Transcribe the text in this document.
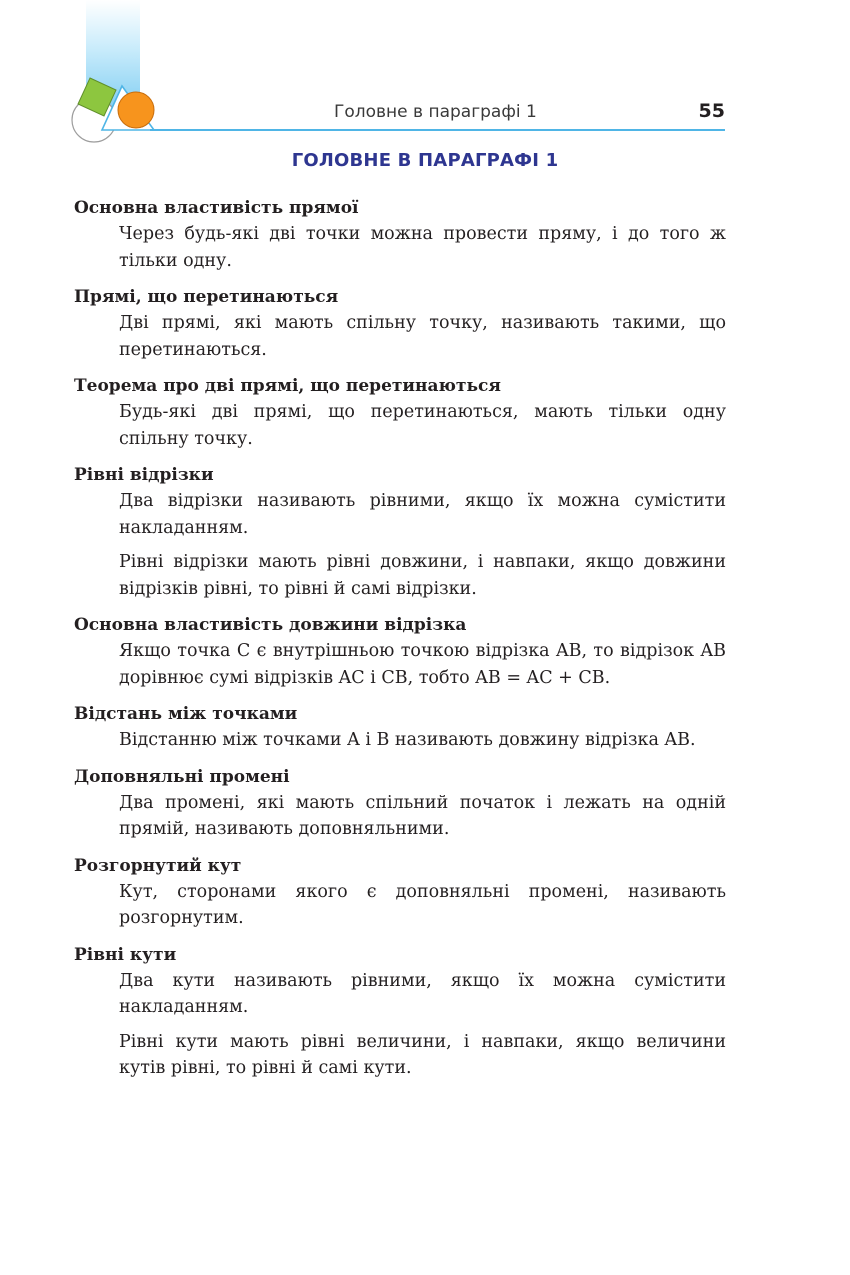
Головне в параграфі 1	55
ГОЛОВНЕ В ПАРАГРАФІ 1

Основна властивість прямої

Через будь-які дві точки можна провести пряму, і до того ж тільки одну.

Прямі, що перетинаються

Дві прямі, які мають спільну точку, називають такими, що перетинаються.

Теорема про дві прямі, що перетинаються

Будь-які дві прямі, що перетинаються, мають тільки одну спільну точку.

Рівні відрізки

Два відрізки називають рівними, якщо їх можна сумістити накладанням.

Рівні відрізки мають рівні довжини, і навпаки, якщо довжини відрізків рівні, то рівні й самі відрізки.

Основна властивість довжини відрізка

Якщо точка C є внутрішньою точкою відрізка AB, то відрізок AB дорівнює сумі відрізків AC і CB, тобто AB = AC + CB.

Відстань між точками

Відстанню між точками A і B називають довжину відрізка AB.

Доповняльні промені

Два промені, які мають спільний початок і лежать на одній прямій, називають доповняльними.

Розгорнутий кут

Кут, сторонами якого є доповняльні промені, називають розгорнутим.

Рівні кути

Два кути називають рівними, якщо їх можна сумістити накладанням.

Рівні кути мають рівні величини, і навпаки, якщо величини кутів рівні, то рівні й самі кути.
